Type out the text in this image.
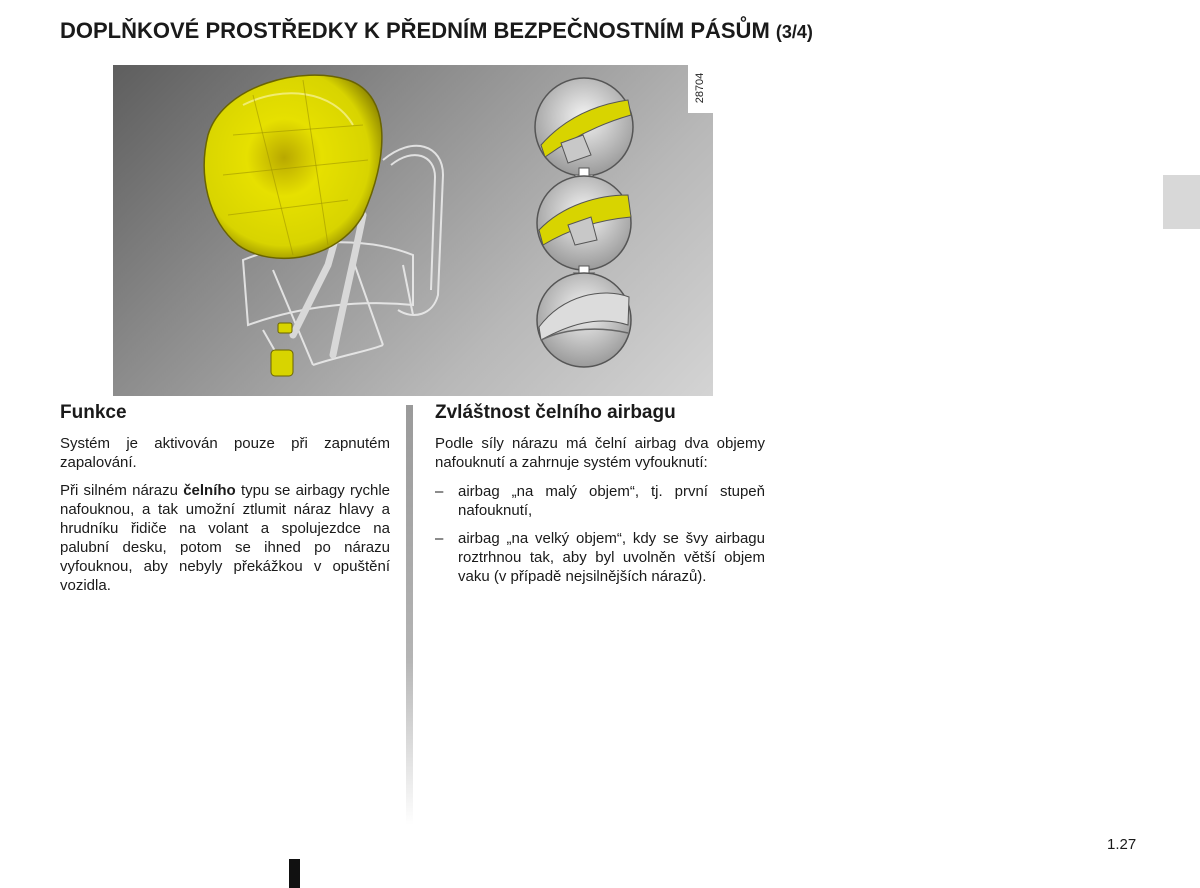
DOPLŇKOVÉ PROSTŘEDKY K PŘEDNÍM BEZPEČNOSTNÍM PÁSŮM (3/4)
28704
Funkce

Systém je aktivován pouze při zapnutém zapalování.

Při silném nárazu čelního typu se airbagy rychle nafouknou, a tak umožní ztlumit náraz hlavy a hrudníku řidiče na volant a spolujezdce na palubní desku, potom se ihned po nárazu vyfouknou, aby nebyly překážkou v opuštění vozidla.

Zvláštnost čelního airbagu

Podle síly nárazu má čelní airbag dva objemy nafouknutí a zahrnuje systém vyfouknutí:

– airbag „na malý objem“, tj. první stupeň nafouknutí,
– airbag „na velký objem“, kdy se švy airbagu roztrhnou tak, aby byl uvolněn větší objem vaku (v případě nejsilnějších nárazů).
1.27
